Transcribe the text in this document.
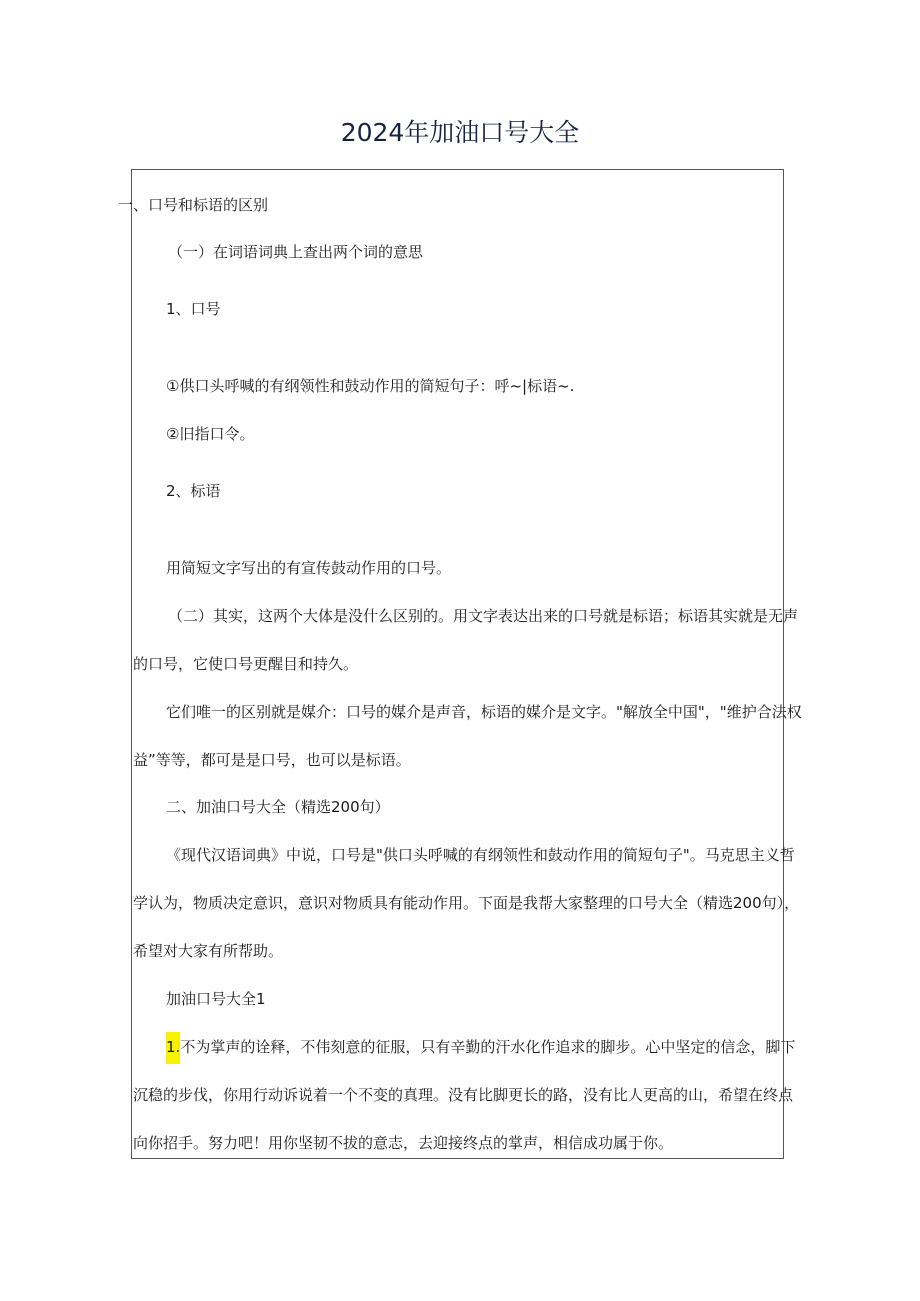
2024年加油口号大全
一、口号和标语的区别
（一）在词语词典上查出两个词的意思
1、口号
①供口头呼喊的有纲领性和鼓动作用的简短句子：呼~|标语~.
②旧指口令。
2、标语
用简短文字写出的有宣传鼓动作用的口号。
（二）其实，这两个大体是没什么区别的。用文字表达出来的口号就是标语；标语其实就是无声
的口号，它使口号更醒目和持久。
它们唯一的区别就是媒介：口号的媒介是声音，标语的媒介是文字。"解放全中国"，"维护合法权
益”等等，都可是是口号，也可以是标语。
二、加油口号大全（精选200句）
《现代汉语词典》中说，口号是"供口头呼喊的有纲领性和鼓动作用的简短句子"。马克思主义哲
学认为，物质决定意识，意识对物质具有能动作用。下面是我帮大家整理的口号大全（精选200句），
希望对大家有所帮助。
加油口号大全1
1.不为掌声的诠释，不伟刻意的征服，只有辛勤的汗水化作追求的脚步。心中坚定的信念，脚下
沉稳的步伐，你用行动诉说着一个不变的真理。没有比脚更长的路，没有比人更高的山，希望在终点
向你招手。努力吧！用你坚韧不拔的意志，去迎接终点的掌声，相信成功属于你。
